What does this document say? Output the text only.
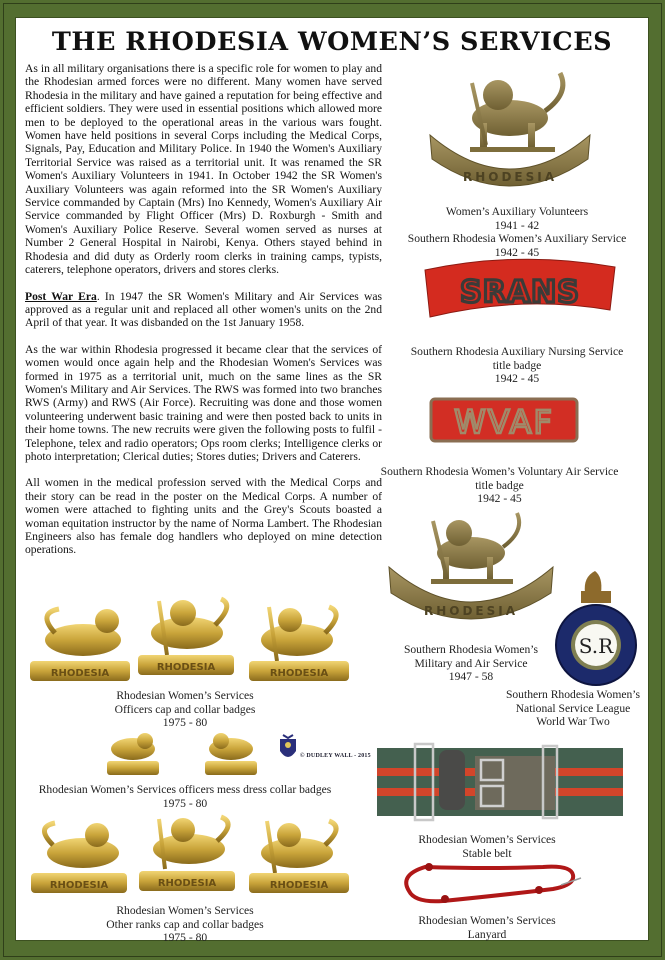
THE RHODESIA WOMEN’S SERVICES

As in all military organisations there is a specific role for women to play and the Rhodesian armed forces were no different. Many women have served Rhodesia in the military and have gained a reputation for being effective and efficient soldiers. They were used in essential positions which allowed more men to be deployed to the operational areas in the various wars fought. Women have held positions in several Corps including the Medical Corps, Signals, Pay, Education and Military Police. In 1940 the Women's Auxiliary Territorial Service was raised as a territorial unit. It was renamed the SR Women's Auxiliary Volunteers in 1941. In October 1942 the SR Women's Auxiliary Volunteers was again reformed into the SR Women's Auxiliary Service commanded by Captain (Mrs) Ino Kennedy, Women's Auxiliary Air Service commanded by Flight Officer (Mrs) D. Roxburgh - Smith and Women's Auxiliary Police Reserve. Several women served as nurses at Number 2 General Hospital in Nairobi, Kenya. Others stayed behind in Rhodesia and did duty as Orderly room clerks in training camps, typists, caterers, telephone operators, drivers and stores clerks.

Post War Era. In 1947 the SR Women's Military and Air Services was approved as a regular unit and replaced all other women's units on the 2nd April of that year. It was disbanded on the 1st January 1958.

As the war within Rhodesia progressed it became clear that the services of women would once again help and the Rhodesian Women's Services was formed in 1975 as a territorial unit, much on the same lines as the SR Women's Military and Air Services. The RWS was formed into two branches RWS (Army) and RWS (Air Force). Recruiting was done and those women volunteering underwent basic training and were then posted back to units in their home towns. The new recruits were given the following posts to fulfil - Telephone, telex and radio operators; Ops room clerks; Intelligence clerks or photo interpretation; Clerical duties; Stores duties; Drivers and Caterers.

All women in the medical profession served with the Medical Corps and their story can be read in the poster on the Medical Corps. A number of women were attached to fighting units and the Grey's Scouts boasted a woman equitation instructor by the name of Norma Lambert. The Rhodesian Engineers also has female dog handlers who deployed on mine detection operations.

RHODESIA
Women’s Auxiliary Volunteers
1941 - 42
Southern Rhodesia Women’s Auxiliary Service
1942 - 45
SRANS
Southern Rhodesia Auxiliary Nursing Service
title badge
1942 - 45
WVAF
Southern Rhodesia Women’s Voluntary Air Service
title badge
1942 - 45
RHODESIA
Southern Rhodesia Women’s
Military and Air Service
1947 - 58
S.R
Southern Rhodesia Women’s
National Service League
World War Two
RHODESIA
RHODESIA
RHODESIA
Rhodesian Women’s Services
Officers cap and collar badges
1975 - 80
© DUDLEY WALL - 2015
Rhodesian Women’s Services officers mess dress collar badges
1975 - 80
RHODESIA	RHODESIA	RHODESIA
Rhodesian Women’s Services
Other ranks cap and collar badges
1975 - 80
Rhodesian Women’s Services
Stable belt
Rhodesian Women’s Services
Lanyard
